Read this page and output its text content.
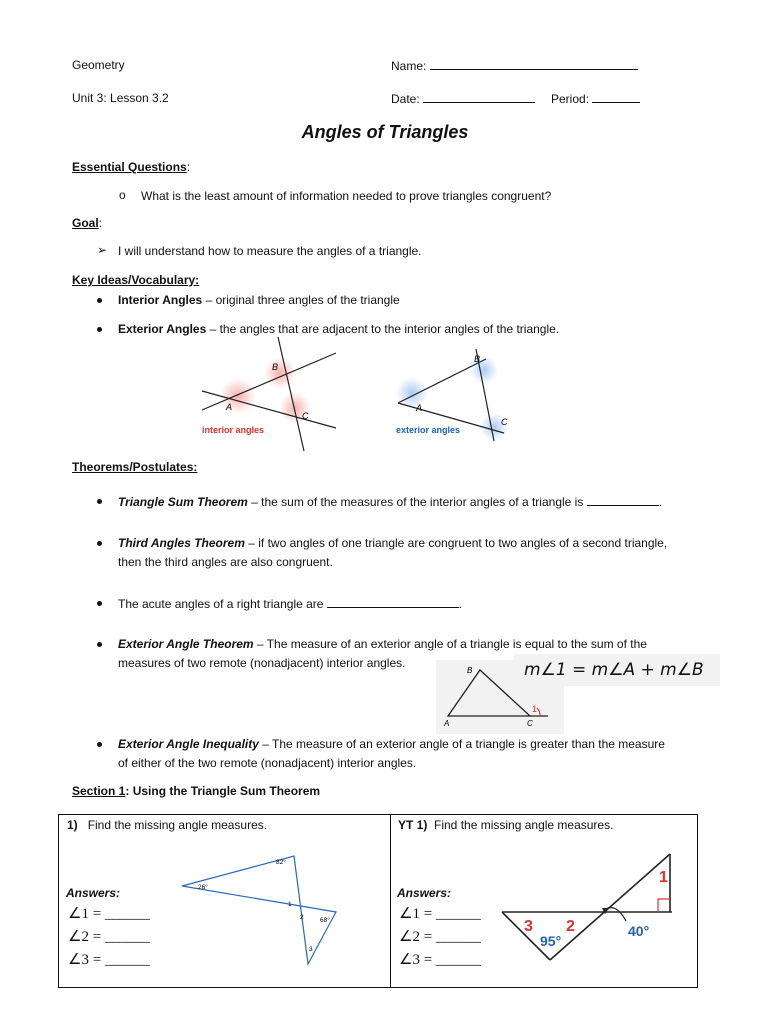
Geometry	Name:
Unit 3: Lesson 3.2	Date:	Period:
Angles of Triangles
Essential Questions:
o What is the least amount of information needed to prove triangles congruent?
Goal:
➢ I will understand how to measure the angles of a triangle.
Key Ideas/Vocabulary:
Interior Angles – original three angles of the triangle
Exterior Angles – the angles that are adjacent to the interior angles of the triangle.
A
B
C
interior angles
A
B
C
exterior angles
Theorems/Postulates:
Triangle Sum Theorem – the sum of the measures of the interior angles of a triangle is	.
Third Angles Theorem – if two angles of one triangle are congruent to two angles of a second triangle,
then the third angles are also congruent.
The acute angles of a right triangle are	.
Exterior Angle Theorem – The measure of an exterior angle of a triangle is equal to the sum of the
measures of two remote (nonadjacent) interior angles.
B
A	C
1
m∠1 = m∠A + m∠B
Exterior Angle Inequality – The measure of an exterior angle of a triangle is greater than the measure
of either of the two remote (nonadjacent) interior angles.
Section 1: Using the Triangle Sum Theorem
1) Find the missing angle measures.
82°
26°
68°
1
2
3
Answers:
∠1 = ______
∠2 = ______
∠3 = ______
YT 1) Find the missing angle measures.
1
2
3
95°
40°
Answers:
∠1 = ______
∠2 = ______
∠3 = ______
